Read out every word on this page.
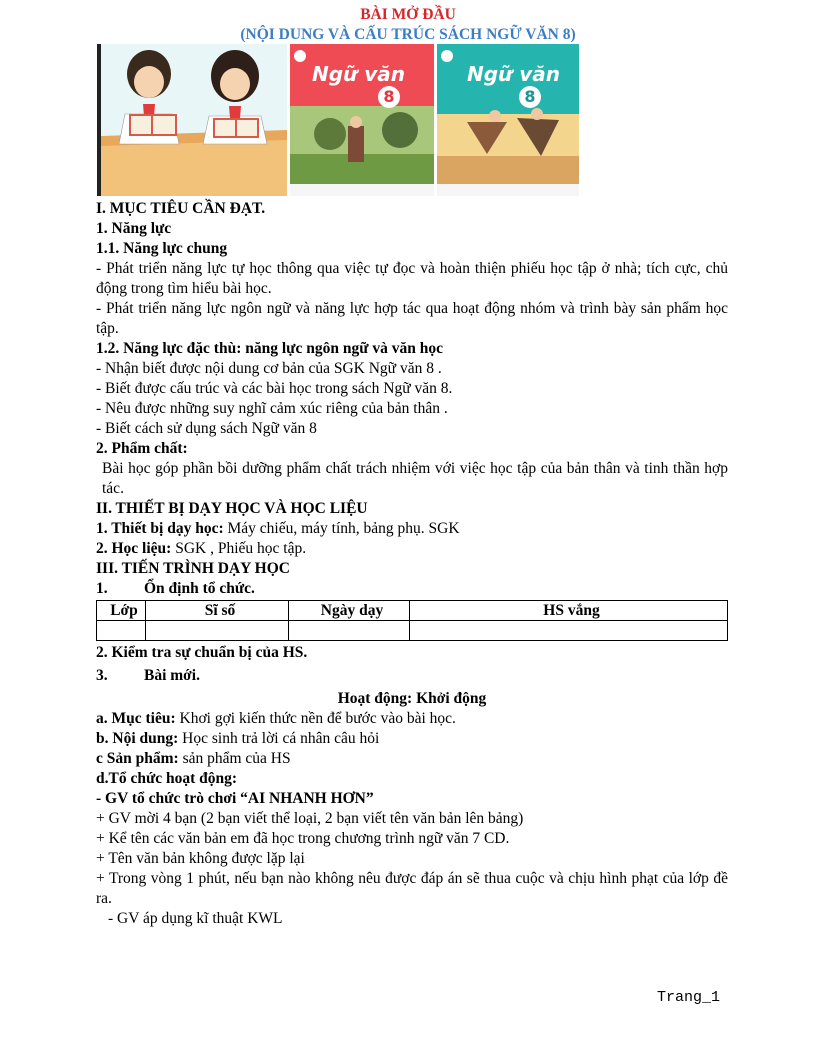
BÀI MỞ ĐẦU
(NỘI DUNG VÀ CẤU TRÚC SÁCH NGỮ VĂN 8)
Ngữ văn
8
Ngữ văn
8

I. MỤC TIÊU CẦN ĐẠT.

1. Năng lực

1.1. Năng lực chung

- Phát triển năng lực tự học thông qua việc tự đọc và hoàn thiện phiếu học tập ở nhà; tích cực, chủ động trong tìm hiểu bài học.

- Phát triển năng lực ngôn ngữ và năng lực hợp tác qua hoạt động nhóm và trình bày sản phẩm học tập.

1.2. Năng lực đặc thù: năng lực ngôn ngữ và văn học

- Nhận biết được nội dung cơ bản của SGK Ngữ văn 8 .

- Biết được cấu trúc và các bài học trong sách Ngữ văn 8.

- Nêu được những suy nghĩ cảm xúc riêng của bản thân .

- Biết cách sử dụng sách Ngữ văn 8

2. Phẩm chất:

Bài học góp phần bồi dưỡng phẩm chất trách nhiệm với việc học tập của bản thân và tinh thần hợp tác.

II. THIẾT BỊ DẠY HỌC VÀ HỌC LIỆU

1. Thiết bị dạy học: Máy chiếu, máy tính, bảng phụ. SGK

2. Học liệu: SGK , Phiếu học tập.

III. TIẾN TRÌNH DẠY HỌC

1.	Ổn định tổ chức.

Lớp	Sĩ số	Ngày dạy	HS vắng

2. Kiểm tra sự chuẩn bị của HS.

3.	Bài mới.

Hoạt động: Khởi động

a. Mục tiêu: Khơi gợi kiến thức nền để bước vào bài học.

b. Nội dung: Học sinh trả lời cá nhân câu hỏi

c Sản phẩm: sản phẩm của HS

d.Tổ chức hoạt động:

- GV tổ chức trò chơi “AI NHANH HƠN”

+ GV mời 4 bạn (2 bạn viết thể loại, 2 bạn viết tên văn bản lên bảng)

+ Kể tên các văn bản em đã học trong chương trình ngữ văn 7 CD.

+ Tên văn bản không được lặp lại

+ Trong vòng 1 phút, nếu bạn nào không nêu được đáp án sẽ thua cuộc và chịu hình phạt của lớp đề ra.

- GV áp dụng kĩ thuật KWL

Trang_1
